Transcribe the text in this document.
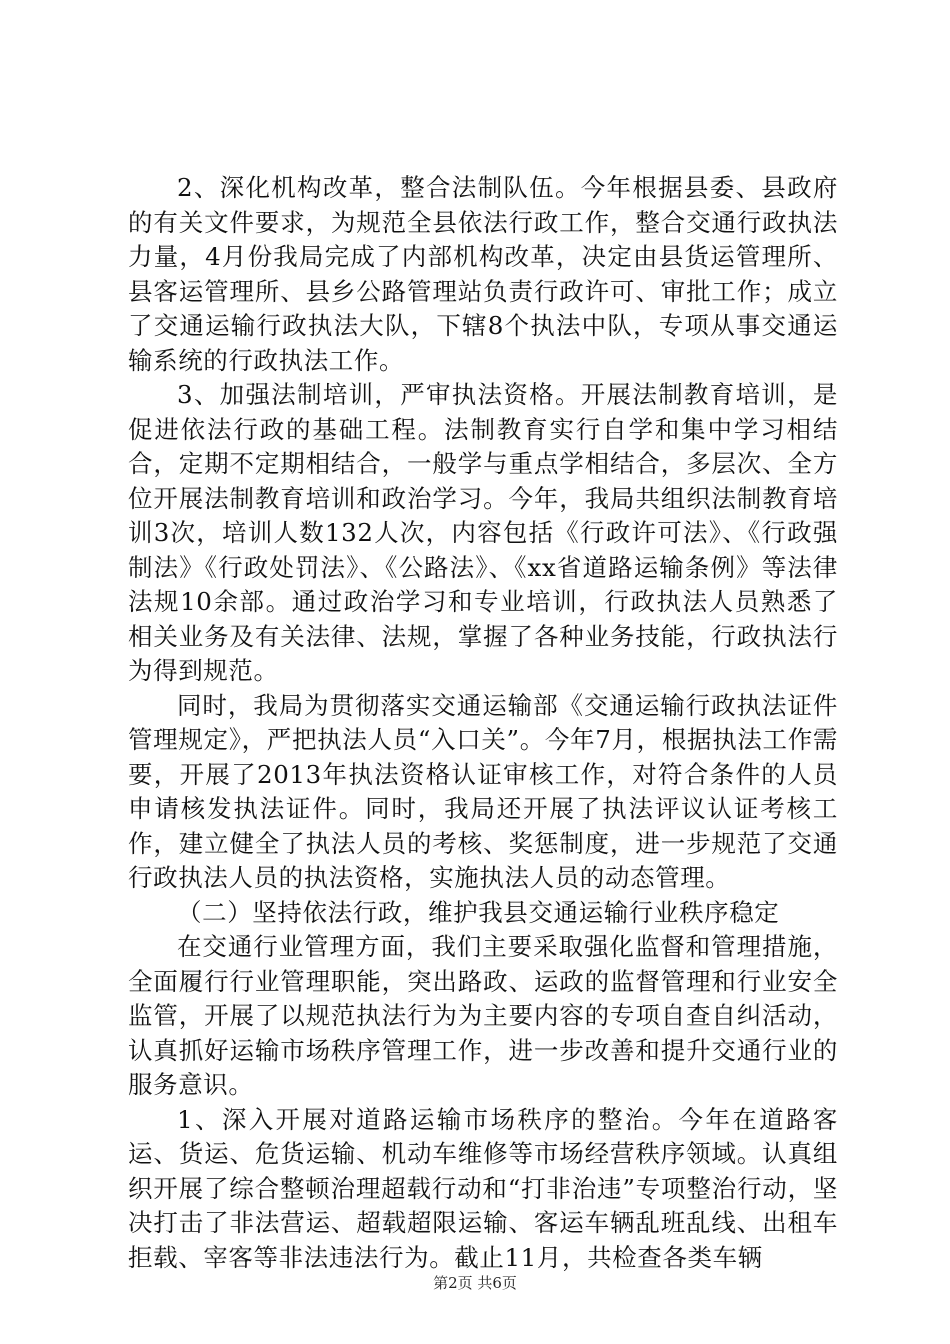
2、深化机构改革，整合法制队伍。今年根据县委、县政府的有关文件要求，为规范全县依法行政工作，整合交通行政执法力量，4月份我局完成了内部机构改革，决定由县货运管理所、县客运管理所、县乡公路管理站负责行政许可、审批工作；成立了交通运输行政执法大队，下辖8个执法中队，专项从事交通运输系统的行政执法工作。

3、加强法制培训，严审执法资格。开展法制教育培训，是促进依法行政的基础工程。法制教育实行自学和集中学习相结合，定期不定期相结合，一般学与重点学相结合，多层次、全方位开展法制教育培训和政治学习。今年，我局共组织法制教育培训3次，培训人数132人次，内容包括《行政许可法》、《行政强制法》《行政处罚法》、《公路法》、《xx省道路运输条例》等法律法规10余部。通过政治学习和专业培训，行政执法人员熟悉了相关业务及有关法律、法规，掌握了各种业务技能，行政执法行为得到规范。

同时，我局为贯彻落实交通运输部《交通运输行政执法证件管理规定》，严把执法人员“入口关”。今年7月，根据执法工作需要，开展了2013年执法资格认证审核工作，对符合条件的人员申请核发执法证件。同时，我局还开展了执法评议认证考核工作，建立健全了执法人员的考核、奖惩制度，进一步规范了交通行政执法人员的执法资格，实施执法人员的动态管理。

（二）坚持依法行政，维护我县交通运输行业秩序稳定

在交通行业管理方面，我们主要采取强化监督和管理措施，全面履行行业管理职能，突出路政、运政的监督管理和行业安全监管，开展了以规范执法行为为主要内容的专项自查自纠活动，认真抓好运输市场秩序管理工作，进一步改善和提升交通行业的服务意识。

1、深入开展对道路运输市场秩序的整治。今年在道路客运、货运、危货运输、机动车维修等市场经营秩序领域。认真组织开展了综合整顿治理超载行动和“打非治违”专项整治行动，坚决打击了非法营运、超载超限运输、客运车辆乱班乱线、出租车拒载、宰客等非法违法行为。截止11月，共检查各类车辆

第2页 共6页
